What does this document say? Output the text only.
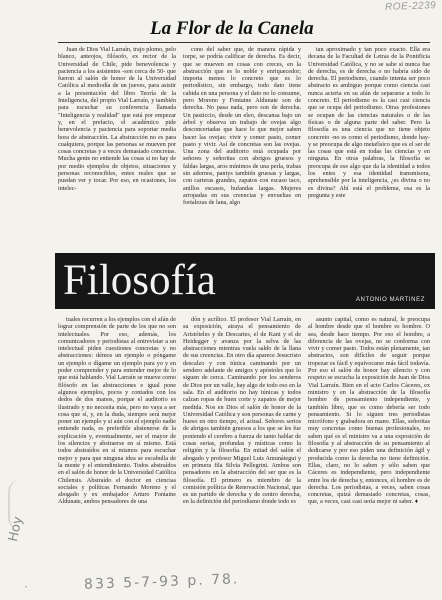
ROE-2239
La Flor de la Canela

Juan de Dios Vial Larraín, trajo plomo, pelo blanco, anteojos, filósofo, ex rector de la Universidad de Chile, pide benevolencia y paciencia a los asistentes -son cerca de 50- que fueron al salón de honor de la Universidad Católica al mediodía de un jueves, para asistir a la presentación del libro Teoría de la Inteligencia, del propio Vial Larraín, y también para escuchar su conferencia llamada "Inteligencia y realidad" que está por empezar y, en el prefacio, el académico pide benevolencia y paciencia para soportar media hora de abstracción. La abstracción no es para cualquiera, porque las personas se mueven por cosas concretas y a veces demasiado concretas. Mucha gente no entiende las cosas si no hay de por medio ejemplos de objetos, situaciones y personas reconocibles, entes reales que se puedan ver y tocar. Por eso, en ocasiones, los intelec-

cono del saber que, de manera rápida y torpe, se podría calificar de derecha. Es decir, que se mueven en cosas con creces, en la abstracción que es lo noble y enriquecedor; importa menos lo concreto que es lo periodístico, sin embargo, todo dato tiene cabida en una persona y el dato no lo consume, pero Moreno y Fontaine Aldunate son de derecha. No pasa nada, pero son de derecha. Un pasticcio, desde un eleo, descansa bajo un árbol y observa un trabajo de ovejas algo desconcertadas que hace lo que mejor saben hacer las ovejas: vivir y comer pasto, comer pasto y vivir. Así de concretas son las ovejas. Una zona del auditorio está ocupada por señores y señoritas con abrigos gruesos y faldas largas, aros mínimos de una perla, trabas sin adornos, pantys también gruesas y largas, con carteras grandes, zapatos con escaso taco, anillos escasos, bufandas largas. Mujeres arropadas en sus creencias y envueltas en fortalezas de lana, algo

tan aproximado y tan poco exacto. Ella era decana de la Facultad de Letras de la Pontificia Universidad Católica, y no se sabe si nunca fue de derecha, es de derecha o no habría sido de derecha. El periodismo, cuando intenta ser poco abstracto es ambiguo porque como ciencia casi nunca acierta en su afán de separarse a todo lo concreto. El periodismo es la casi casi ciencia que se ocupa del periodismo. Otras profesiones se ocupan de las ciencias naturales o de las físicas o de alguna parte del saber. Pero la filosofía es una ciencia que no tiene objeto concreto -no es como el periodismo, donde hay- y se preocupa de algo metafísico que es el ser de las cosas que está en todas las ciencias y en ninguna. En otras palabras, la filosofía se preocupa de ese algo que da la identidad a todos los entes y esa identidad transmisora, aprehensible por la inteligencia, ¿es divina o no es divina? Ahí está el problema, esa es la pregunta y este

Filosofía	ANTONIO MARTINEZ

tuales recurren a los ejemplos con el afán de lograr comprensión de parte de los que no son intelectuales. Por eso, además, los comunicadores y periodistas al entrevistar a un intelectual piden cuestiones concretas y no abstracciones: démos un ejemplo o póngame un ejemplo o dígame un ejemplo para yo y en poder comprender y para entender mejor de lo que está hablando. Vial Larraín se mueve como filósofo en las abstracciones e igual pone algunos ejemplos, pocos y contados con los dedos de dos manos, porque el auditorio es ilustrado y no necesita más, pero no vaya a ser cosa que sí, y, en la duda, siempre será mejor poner un ejemplo y si aún con el ejemplo nadie entiende nada, es preferible abstenerse de la explicación y, eventualmente, ser el mayor de los silencios y abstraerse en sí mismo. Está todos abstraídos en sí mismos para escuchar mejor y para que ninguna idea se escabulla de la mente y el entendimiento. Todos abstraídos en el salón de honor de la Universidad Católica Chilensis. Abstraído el doctor en ciencias sociales y políticas Fernando Moreno y el abogado y ex embajador Arturo Fontaine Aldunate, ambos pensadores de una

dón y acrílico. El profesor Vial Larraín, en su exposición, atraya el pensamiento de Aristóteles y de Descartes, el de Kant y el de Heidegger y avanza por la selva de las abstracciones mientras vuela saldo de la llana de sus creencias. En otro día aparece Jesucristo descalzo y con túnica caminando por un sendero adelante de amigos y apóstoles que lo siguen de cerca. Caminando por los senderos de Dios por un valle, hay algo de todo eso en la sala. En el auditorio no hay túnicas y todos calzan ropas de buen corte y zapatos de mejor medida. Nos en Dios el salón de honor de la Universidad Católica y son personas de carne y hueso en otro tiempo, el actual. Señores serios de abrigos también gruesos a los que se les fue poniendo el cerebro a fuerza de tanto hablar de cosas serias, profundas y místicas como la religión y la filosofía. En mitad del salón el abogado y profesor Miguel Luis Amunátegui y en primera fila Silvia Pellegrini. Ambos son pensadores en la abstracción del ser que es la filosofía. El primero es miembro de la comisión política de Renovación Nacional, que es un partido de derecha y de centro derecha, en la definición del periodismo donde todo es

asunto capital, como es natural, le preocupa al hombre desde que el hombre es hombre. O sea, desde hace tiempo. Por eso el hombre, a diferencia de las ovejas, no se conforma con vivir y comer pasto. Todos están plenamente, tan abstractos, son difíciles de seguir porque tropezar es fácil y equivocarse más fácil todavía. Por eso el salón de honor hay silencio y con respeto se escucha la exposición de Juan de Dios Vial Larraín. Bien en el acto Carlos Cáceres, ex ministro y en la abstracción de la filosofía hombre de pensamiento independiente, y también libre, que es como debería ser todo pensamiento. Si lo siguen tres periodistas micrófono y grabadora en mano. Ellas, señoritas muy concretas como buenas profesionales, no saben qué es el ministro va a una exposición de filosofía y al abstracción de su pensamiento al dedicarse y por eso piden una definición ágil y producida como la derecha no tiene definición. Ellas, claro, no lo saben y sólo saben que Cáceres es independiente, pero independiente entre los de derecha y, entonces, el hombre es de derecha. Los periodistas, a veces, saben cosas concretas, quizá demasiado concretas, cosas, que, a veces, casi casi sería mejor ni saber. ♦

Hoy
·	833 5-7-93 p. 78.
